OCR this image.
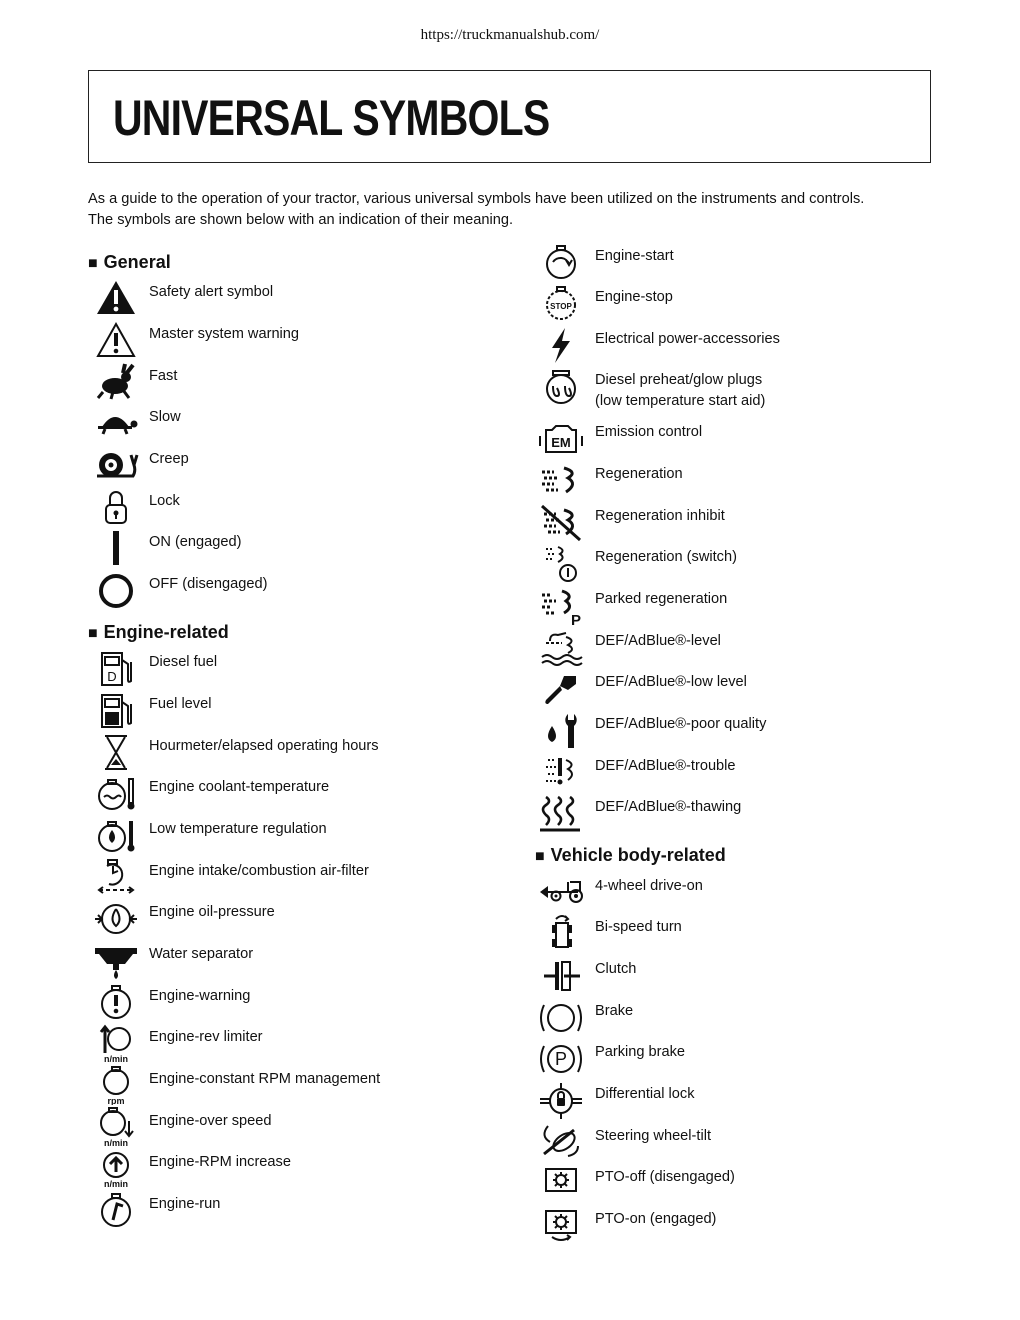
https://truckmanualshub.com/
UNIVERSAL SYMBOLS
As a guide to the operation of your tractor, various universal symbols have been utilized on the instruments and controls.
The symbols are shown below with an indication of their meaning.
■ General
■ Engine-related
■ Vehicle body-related
Safety alert symbol
Master system warning
Fast
Slow
Creep
Lock
ON (engaged)
OFF (disengaged)
D
Diesel fuel
Fuel level
Hourmeter/elapsed operating hours
Engine coolant-temperature
Low temperature regulation
Engine intake/combustion air-filter
Engine oil-pressure
Water separator
Engine-warning
n/min
Engine-rev limiter
rpm
Engine-constant RPM management
n/min
Engine-over speed
n/min
Engine-RPM increase
Engine-run
Engine-start
STOP
Engine-stop
Electrical power-accessories
Diesel preheat/glow plugs
(low temperature start aid)
EM
Emission control
Regeneration
Regeneration inhibit
Regeneration (switch)
P
Parked regeneration
DEF/AdBlue®-level
DEF/AdBlue®-low level
DEF/AdBlue®-poor quality
DEF/AdBlue®-trouble
DEF/AdBlue®-thawing
4-wheel drive-on
Bi-speed turn
Clutch
Brake
P Parking brake
Differential lock
Steering wheel-tilt
PTO-off (disengaged)
PTO-on (engaged)
